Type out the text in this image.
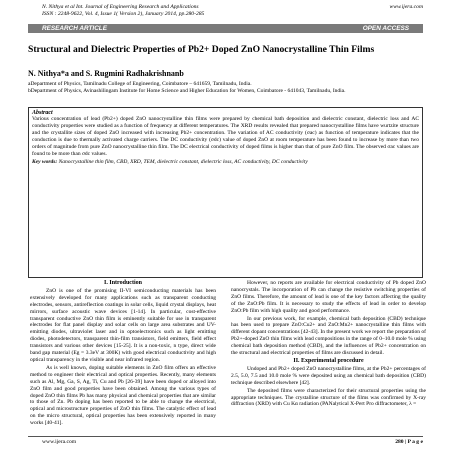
N. Nithya et al Int. Journal of Engineering Research and Applications
ISSN : 2248-9622, Vol. 4, Issue 1( Version 2), January 2014, pp.280-285
www.ijera.com
RESEARCH ARTICLE	OPEN ACCESS
Structural and Dielectric Properties of Pb2+ Doped ZnO Nanocrystalline Thin Films
N. Nithya*a and S. Rugmini Radhakrishnanb
aDepartment of Physics, Tamilnadu College of Engineering, Coimbatore – 641659, Tamilnadu, India.
bDepartment of Physics, Avinashilingam Institute for Home Science and Higher Education for Women, Coimbatore - 641043, Tamilnadu, India.
Abstract
Various concentration of lead (Pb2+) doped ZnO nanocrystalline thin films were prepared by chemical bath deposition and dielectric constant, dielectric loss and AC conductivity properties were studied as a function of frequency at different temperatures. The XRD results revealed that prepared nanocrystalline films have wurtzite structure and the crystallite sizes of doped ZnO increased with increasing Pb2+ concentration. The variation of AC conductivity (σac) as function of temperature indicates that the conduction is due to thermally activated charge carriers. The DC conductivity (σdc) value of doped ZnO at room temperature has been found to increase by more than two orders of magnitude from pure ZnO nanocrystalline thin film. The DC electrical conductivity of doped films is higher than that of pure ZnO film. The observed σac values are found to be more than σdc values.
Key words: Nanocrystalline thin film, CBD, XRD, TEM, dielectric constant, dielectric loss, AC conductivity, DC conductivity
I. Introduction
ZnO is one of the promising II-VI semiconducting materials has been extensively developed for many applications such as transparent conducting electrodes, sensors, antireflection coatings in solar cells, liquid crystal displays, heat mirrors, surface acoustic wave devices [1-14]. In particular, cost-effective transparent conductive ZnO thin film is eminently suitable for use in transparent electrodes for flat panel display and solar cells on large area substrates and UV-emitting diodes, ultraviolet laser and in optoelectronics such as light emitting diodes, photodetectors, transparent thin-film transistors, field emitters, field effect transistors and various other devices [15-25]. It is a non-toxic, n type, direct wide band gap material (Eg = 3.3eV at 300K) with good electrical conductivity and high optical transparency in the visible and near infrared region.
As is well known, doping suitable elements in ZnO film offers an effective method to engineer their electrical and optical properties. Recently, many elements such as Al, Mg, Ga, S, Ag, Ti, Cu and Pb [26-39] have been doped or alloyed into ZnO film and good properties have been obtained. Among the various types of doped ZnO thin films Pb has many physical and chemical properties that are similar to those of Zn. Pb doping has been reported to be able to change the electrical, optical and microstructure properties of ZnO thin films. The catalytic effect of lead on the micro structural, optical properties has been extensively reported in many works [40-41].
However, no reports are available for electrical conductivity of Pb doped ZnO nanocrystals. The incorporation of Pb can change the resistive switching properties of ZnO films. Therefore, the amount of lead is one of the key factors affecting the quality of the ZnO:Pb film. It is necessary to study the effects of lead in order to develop ZnO:Pb film with high quality and good performance.
In our previous work, for example, chemical bath deposition (CBD) technique has been used to prepare ZnO:Cu2+ and ZnO:Mn2+ nanocrystalline thin films with different dopant concentrations [42-43]. In the present work we report the preparation of Pb2+-doped ZnO thin films with lead compositions in the range of 0–10.0 mole % using chemical bath deposition method (CBD), and the influences of Pb2+ concentration on the structural and electrical properties of films are discussed in detail.
II. Experimental procedure
Undoped and Pb2+ doped ZnO nanocrystalline films, at the Pb2+ percentages of 2.5, 5.0, 7.5 and 10.0 mole % were deposited using an chemical bath deposition (CBD) technique described elsewhere [42].
The deposited films were characterized for their structural properties using the appropriate techniques. The crystalline structure of the films was confirmed by X-ray diffraction (XRD) with Cu Kα radiation (PANalytical X-Pert Pro diffractometer, λ =
www.ijera.com	280 | P a g e
